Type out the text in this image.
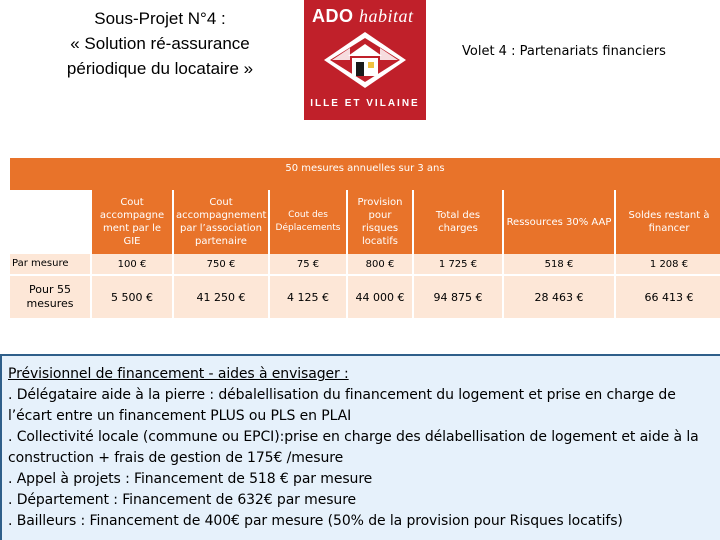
Sous-Projet N°4 :
« Solution ré-assurance
périodique du locataire »
ADO habitat
ILLE ET VILAINE
Volet 4 : Partenariats financiers
50 mesures annuelles sur 3 ans
	Cout accompagne ment par le GIE	Cout accompagnement par l’association partenaire	Cout des Déplacements	Provision pour risques locatifs	Total des charges	Ressources 30% AAP	Soldes restant à financer
Par mesure	100 €	750 €	75 €	800 €	1 725 €	518 €	1 208 €
Pour 55 mesures	5 500 €	41 250 €	4 125 €	44 000 €	94 875 €	28 463 €	66 413 €
Prévisionnel de financement - aides à envisager :
. Délégataire aide à la pierre : débalellisation du financement du logement et prise en charge de l’écart entre un financement PLUS ou PLS en PLAI
. Collectivité locale (commune ou EPCI):prise en charge des délabellisation de logement et aide à la construction + frais de gestion de 175€ /mesure
. Appel à projets : Financement de 518 € par mesure
. Département : Financement de 632€ par mesure
. Bailleurs : Financement de 400€ par mesure (50% de la provision pour Risques locatifs)
